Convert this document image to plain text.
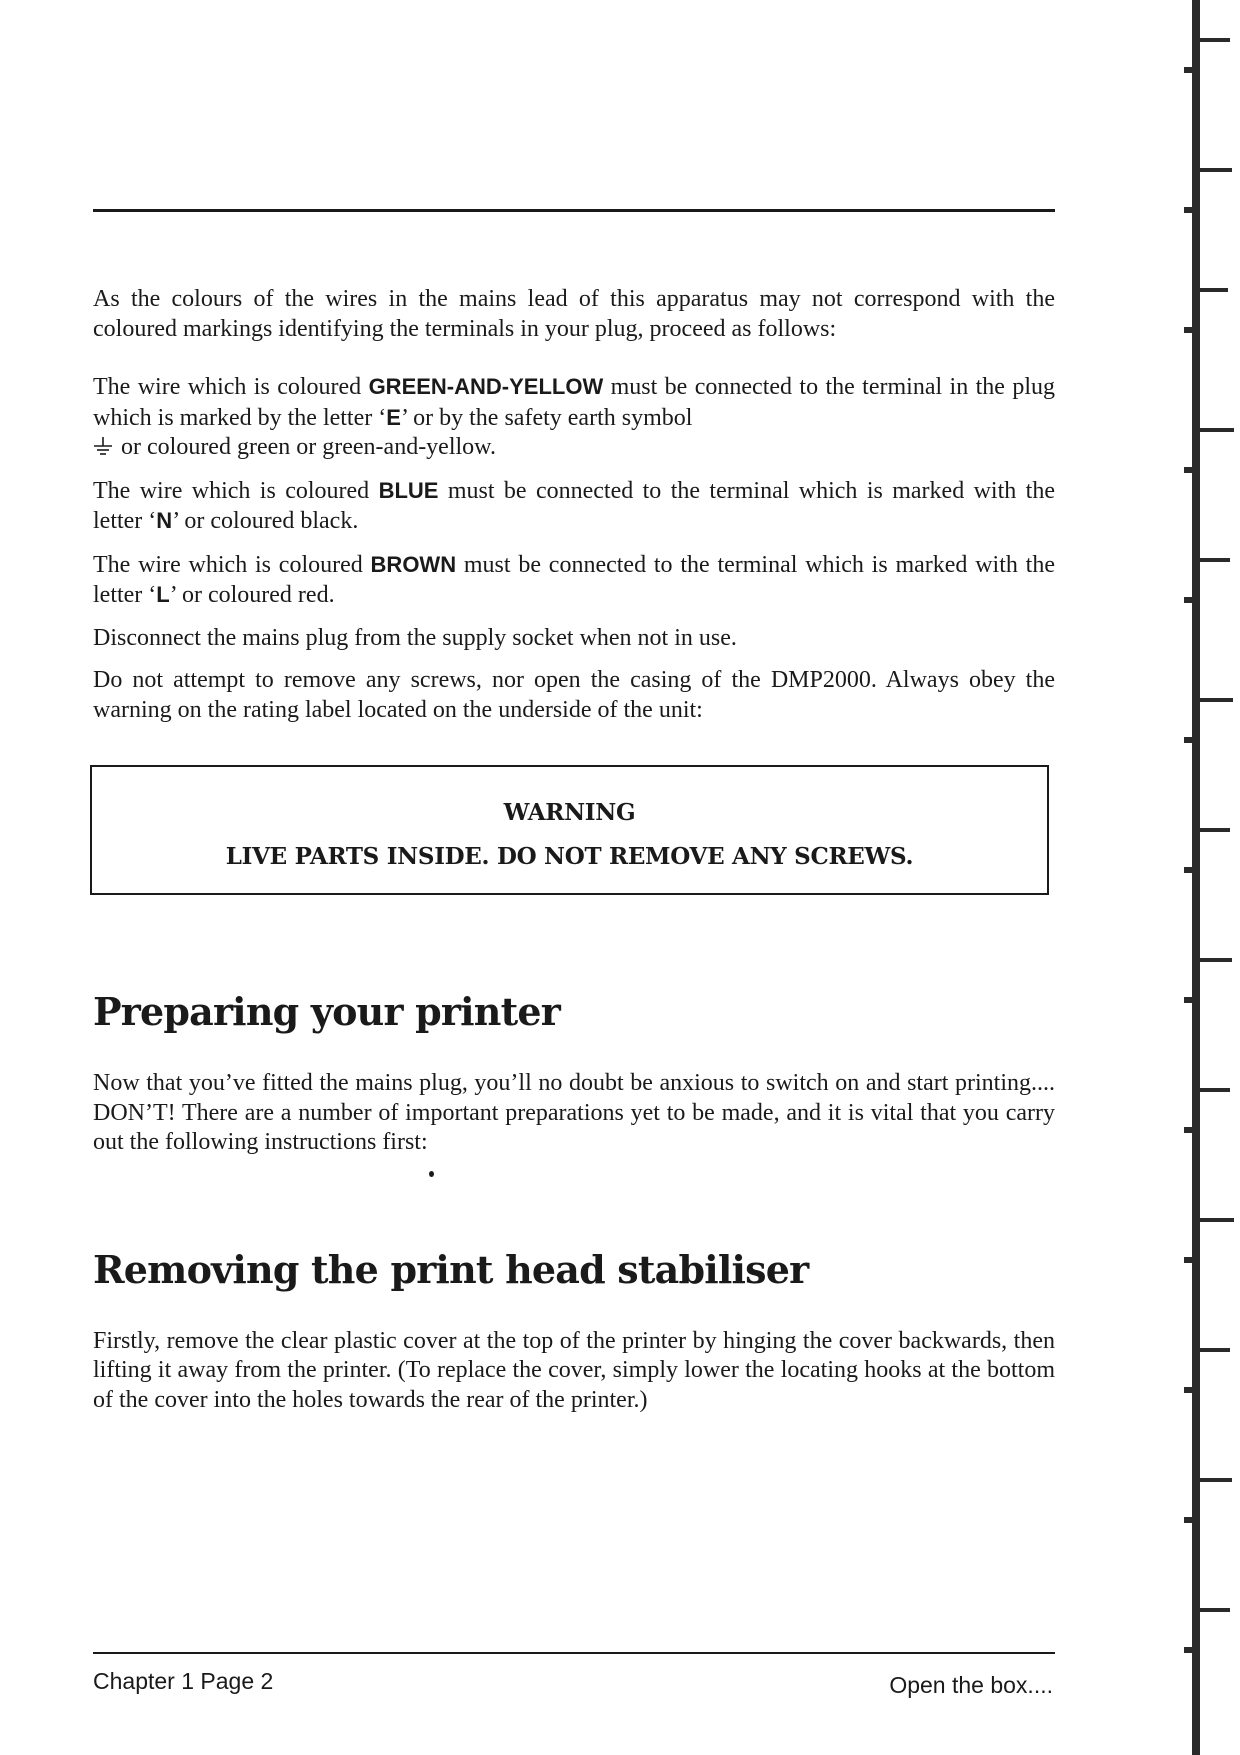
As the colours of the wires in the mains lead of this apparatus may not correspond with the coloured markings identifying the terminals in your plug, proceed as follows:

The wire which is coloured GREEN-AND-YELLOW must be connected to the terminal in the plug which is marked by the letter ‘E’ or by the safety earth symbol
or coloured green or green-and-yellow.

The wire which is coloured BLUE must be connected to the terminal which is marked with the letter ‘N’ or coloured black.

The wire which is coloured BROWN must be connected to the terminal which is marked with the letter ‘L’ or coloured red.

Disconnect the mains plug from the supply socket when not in use.

Do not attempt to remove any screws, nor open the casing of the DMP2000. Always obey the warning on the rating label located on the underside of the unit:

WARNING
LIVE PARTS INSIDE. DO NOT REMOVE ANY SCREWS.
Preparing your printer

Now that you’ve fitted the mains plug, you’ll no doubt be anxious to switch on and start printing.... DON’T! There are a number of important preparations yet to be made, and it is vital that you carry out the following instructions first:

Removing the print head stabiliser

Firstly, remove the clear plastic cover at the top of the printer by hinging the cover backwards, then lifting it away from the printer. (To replace the cover, simply lower the locating hooks at the bottom of the cover into the holes towards the rear of the printer.)

Chapter 1 Page 2	Open the box....
